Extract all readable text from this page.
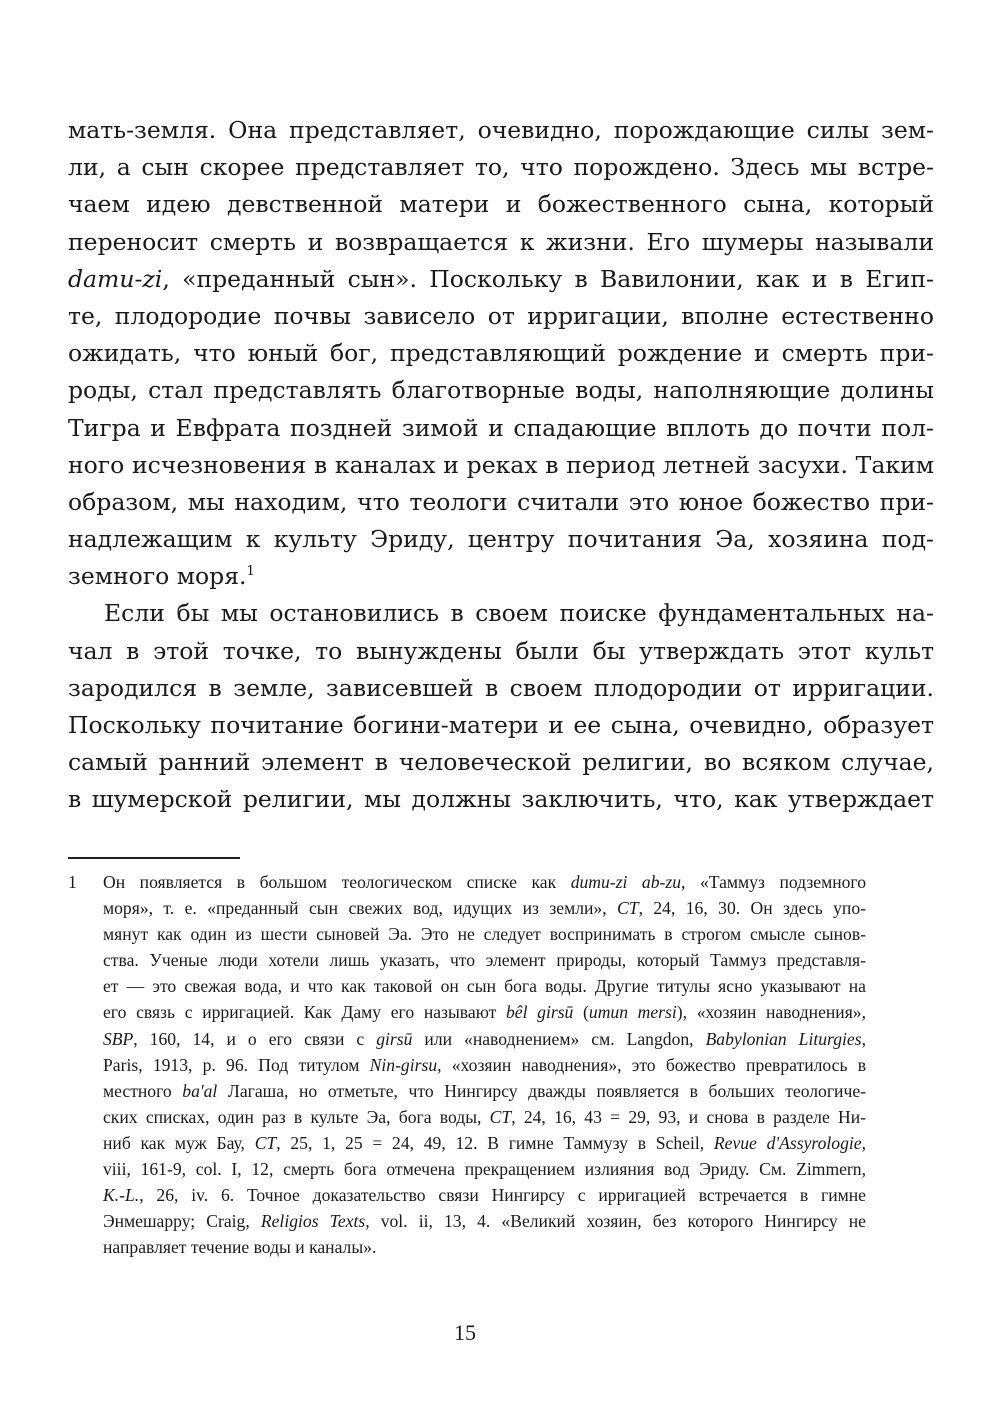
мать-земля. Она представляет, очевидно, порождающие силы зем-
ли, а сын скорее представляет то, что порождено. Здесь мы встре-
чаем идею девственной матери и божественного сына, который
переносит смерть и возвращается к жизни. Его шумеры называли
damu-zi, «преданный сын». Поскольку в Вавилонии, как и в Егип-
те, плодородие почвы зависело от ирригации, вполне естественно
ожидать, что юный бог, представляющий рождение и смерть при-
роды, стал представлять благотворные воды, наполняющие долины
Тигра и Евфрата поздней зимой и спадающие вплоть до почти пол-
ного исчезновения в каналах и реках в период летней засухи. Таким
образом, мы находим, что теологи считали это юное божество при-
надлежащим к культу Эриду, центру почитания Эа, хозяина под-
земного моря.$^1$
Если бы мы остановились в своем поиске фундаментальных на-
чал в этой точке, то вынуждены были бы утверждать этот культ
зародился в земле, зависевшей в своем плодородии от ирригации.
Поскольку почитание богини-матери и ее сына, очевидно, образует
самый ранний элемент в человеческой религии, во всяком случае,
в шумерской религии, мы должны заключить, что, как утверждает
1 Он появляется в большом теологическом списке как dumu-zi ab-zu, «Таммуз подземного
моря», т. е. «преданный сын свежих вод, идущих из земли», CT, 24, 16, 30. Он здесь упо-
мянут как один из шести сыновей Эа. Это не следует воспринимать в строгом смысле сынов-
ства. Ученые люди хотели лишь указать, что элемент природы, который Таммуз представля-
ет — это свежая вода, и что как таковой он сын бога воды. Другие титулы ясно указывают на
его связь с ирригацией. Как Даму его называют bêl girsū (umun mersi), «хозяин наводнения»,
SBP, 160, 14, и о его связи с girsū или «наводнением» см. Langdon, Babylonian Liturgies,
Paris, 1913, p. 96. Под титулом Nin-girsu, «хозяин наводнения», это божество превратилось в
местного ba'al Лагаша, но отметьте, что Нингирсу дважды появляется в больших теологиче-
ских списках, один раз в культе Эа, бога воды, CT, 24, 16, 43 = 29, 93, и снова в разделе Ни-
ниб как муж Бау, CT, 25, 1, 25 = 24, 49, 12. В гимне Таммузу в Scheil, Revue d'Assyrologie,
viii, 161-9, col. I, 12, смерть бога отмечена прекращением излияния вод Эриду. См. Zimmern,
K.-L., 26, iv. 6. Точное доказательство связи Нингирсу с ирригацией встречается в гимне
Энмешарру; Craig, Religios Texts, vol. ii, 13, 4. «Великий хозяин, без которого Нингирсу не
направляет течение воды и каналы».
15
